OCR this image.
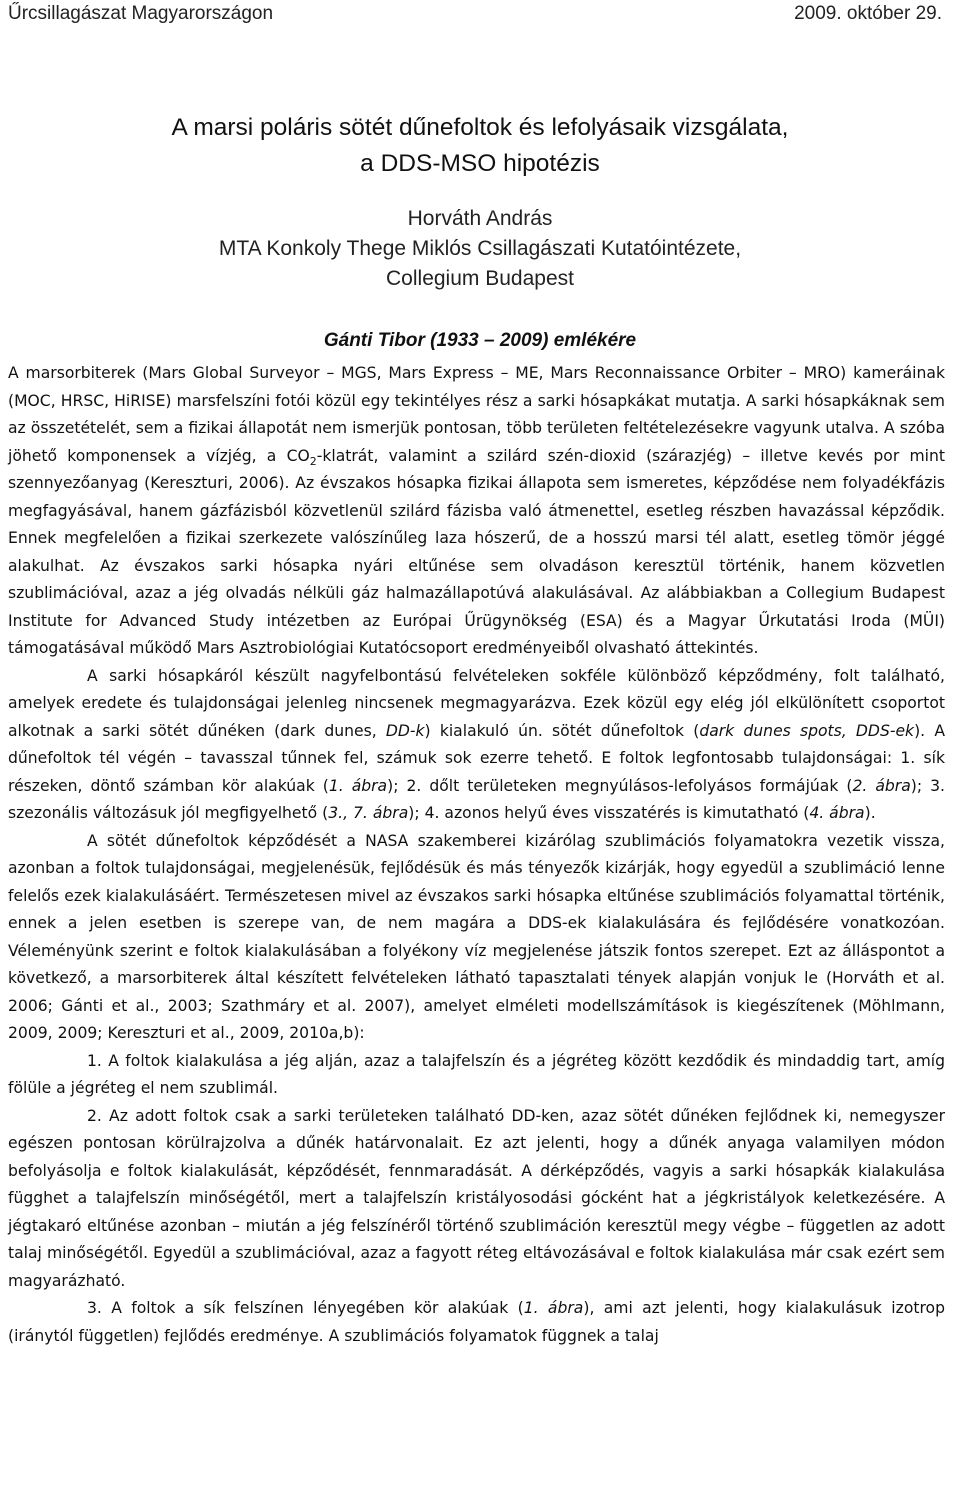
Űrcsillagászat Magyarországon	2009. október 29.
A marsi poláris sötét dűnefoltok és lefolyásaik vizsgálata,
a DDS-MSO hipotézis
Horváth András
MTA Konkoly Thege Miklós Csillagászati Kutatóintézete,
Collegium Budapest
Gánti Tibor (1933 – 2009) emlékére

A marsorbiterek (Mars Global Surveyor – MGS, Mars Express – ME, Mars Reconnaissance Orbiter – MRO) kameráinak (MOC, HRSC, HiRISE) marsfelszíni fotói közül egy tekintélyes rész a sarki hósapkákat mutatja. A sarki hósapkáknak sem az összetételét, sem a fizikai állapotát nem ismerjük pontosan, több területen feltételezésekre vagyunk utalva. A szóba jöhető komponensek a vízjég, a $CO_2$-klatrát, valamint a szilárd szén-dioxid (szárazjég) – illetve kevés por mint szennyezőanyag (Kereszturi, 2006). Az évszakos hósapka fizikai állapota sem ismeretes, képződése nem folyadékfázis megfagyásával, hanem gázfázisból közvetlenül szilárd fázisba való átmenettel, esetleg részben havazással képződik. Ennek megfelelően a fizikai szerkezete valószínűleg laza hószerű, de a hosszú marsi tél alatt, esetleg tömör jéggé alakulhat. Az évszakos sarki hósapka nyári eltűnése sem olvadáson keresztül történik, hanem közvetlen szublimációval, azaz a jég olvadás nélküli gáz halmazállapotúvá alakulásával. Az alábbiakban a Collegium Budapest Institute for Advanced Study intézetben az Európai Űrügynökség (ESA) és a Magyar Űrkutatási Iroda (MÜI) támogatásával működő Mars Asztrobiológiai Kutatócsoport eredményeiből olvasható áttekintés.

A sarki hósapkáról készült nagyfelbontású felvételeken sokféle különböző képződmény, folt található, amelyek eredete és tulajdonságai jelenleg nincsenek megmagyarázva. Ezek közül egy elég jól elkülönített csoportot alkotnak a sarki sötét dűnéken (dark dunes, DD-k) kialakuló ún. sötét dűnefoltok (dark dunes spots, DDS-ek). A dűnefoltok tél végén – tavasszal tűnnek fel, számuk sok ezerre tehető. E foltok legfontosabb tulajdonságai: 1. sík részeken, döntő számban kör alakúak (1. ábra); 2. dőlt területeken megnyúlásos-lefolyásos formájúak (2. ábra); 3. szezonális változásuk jól megfigyelhető (3., 7. ábra); 4. azonos helyű éves visszatérés is kimutatható (4. ábra).

A sötét dűnefoltok képződését a NASA szakemberei kizárólag szublimációs folyamatokra vezetik vissza, azonban a foltok tulajdonságai, megjelenésük, fejlődésük és más tényezők kizárják, hogy egyedül a szublimáció lenne felelős ezek kialakulásáért. Természetesen mivel az évszakos sarki hósapka eltűnése szublimációs folyamattal történik, ennek a jelen esetben is szerepe van, de nem magára a DDS-ek kialakulására és fejlődésére vonatkozóan. Véleményünk szerint e foltok kialakulásában a folyékony víz megjelenése játszik fontos szerepet. Ezt az álláspontot a következő, a marsorbiterek által készített felvételeken látható tapasztalati tények alapján vonjuk le (Horváth et al. 2006; Gánti et al., 2003; Szathmáry et al. 2007), amelyet elméleti modellszámítások is kiegészítenek (Möhlmann, 2009, 2009; Kereszturi et al., 2009, 2010a,b):

1. A foltok kialakulása a jég alján, azaz a talajfelszín és a jégréteg között kezdődik és mindaddig tart, amíg fölüle a jégréteg el nem szublimál.

2. Az adott foltok csak a sarki területeken található DD-ken, azaz sötét dűnéken fejlődnek ki, nemegyszer egészen pontosan körülrajzolva a dűnék határvonalait. Ez azt jelenti, hogy a dűnék anyaga valamilyen módon befolyásolja e foltok kialakulását, képződését, fennmaradását. A dérképződés, vagyis a sarki hósapkák kialakulása függhet a talajfelszín minőségétől, mert a talajfelszín kristályosodási gócként hat a jégkristályok keletkezésére. A jégtakaró eltűnése azonban – miután a jég felszínéről történő szublimáción keresztül megy végbe – független az adott talaj minőségétől. Egyedül a szublimációval, azaz a fagyott réteg eltávozásával e foltok kialakulása már csak ezért sem magyarázható.

3. A foltok a sík felszínen lényegében kör alakúak (1. ábra), ami azt jelenti, hogy kialakulásuk izotrop (iránytól független) fejlődés eredménye. A szublimációs folyamatok függnek a talaj
